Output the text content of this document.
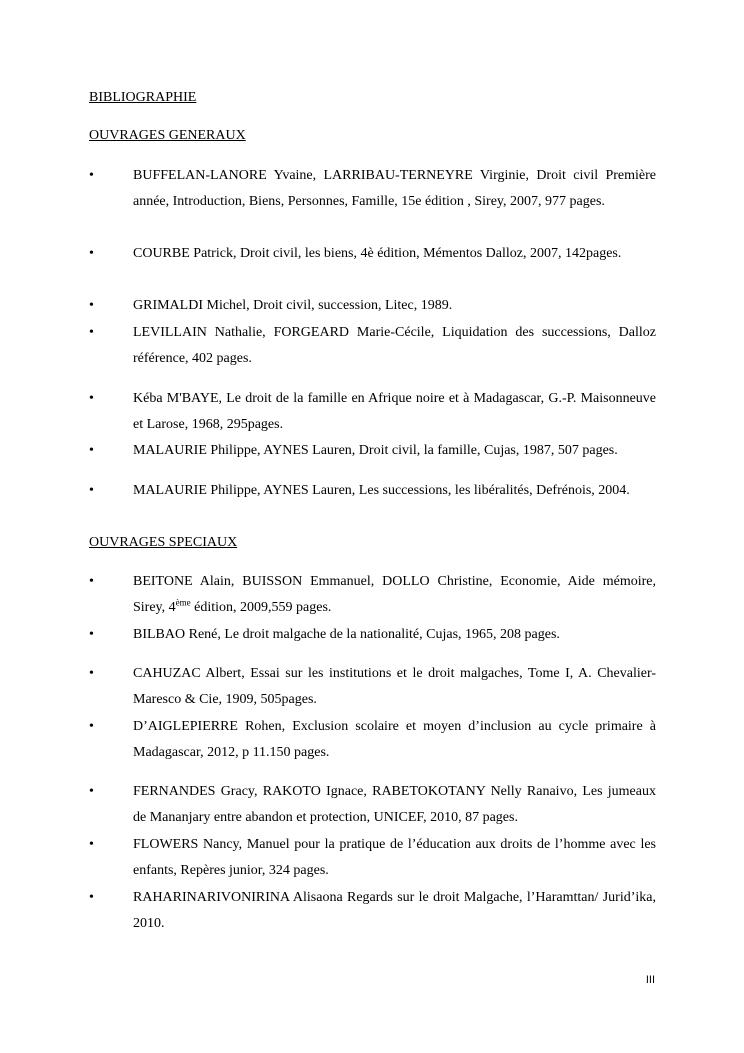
BIBLIOGRAPHIE
OUVRAGES GENERAUX
•	BUFFELAN-LANORE Yvaine, LARRIBAU-TERNEYRE Virginie, Droit civil Première année, Introduction, Biens, Personnes, Famille, 15e édition , Sirey, 2007, 977 pages.
•	COURBE Patrick, Droit civil, les biens, 4è édition, Mémentos Dalloz, 2007, 142pages.
•	GRIMALDI Michel, Droit civil, succession, Litec, 1989.
•	LEVILLAIN Nathalie, FORGEARD Marie-Cécile, Liquidation des successions, Dalloz référence, 402 pages.
•	Kéba M'BAYE, Le droit de la famille en Afrique noire et à Madagascar, G.-P. Maisonneuve et Larose, 1968, 295pages.
•	MALAURIE Philippe, AYNES Lauren, Droit civil, la famille, Cujas, 1987, 507 pages.
•	MALAURIE Philippe, AYNES Lauren, Les successions, les libéralités, Defrénois, 2004.
OUVRAGES SPECIAUX
•	BEITONE Alain, BUISSON Emmanuel, DOLLO Christine, Economie, Aide mémoire, Sirey, 4ème édition, 2009,559 pages.
•	BILBAO René, Le droit malgache de la nationalité, Cujas, 1965, 208 pages.
•	CAHUZAC Albert, Essai sur les institutions et le droit malgaches, Tome I, A. Chevalier-Maresco & Cie, 1909, 505pages.
•	D’AIGLEPIERRE Rohen, Exclusion scolaire et moyen d’inclusion au cycle primaire à Madagascar, 2012, p 11.150 pages.
•	FERNANDES Gracy, RAKOTO Ignace, RABETOKOTANY Nelly Ranaivo, Les jumeaux de Mananjary entre abandon et protection, UNICEF, 2010, 87 pages.
•	FLOWERS Nancy, Manuel pour la pratique de l’éducation aux droits de l’homme avec les enfants, Repères junior, 324 pages.
•	RAHARINARIVONIRINA Alisaona Regards sur le droit Malgache, l’Haramttan/ Jurid’ika, 2010.
III
